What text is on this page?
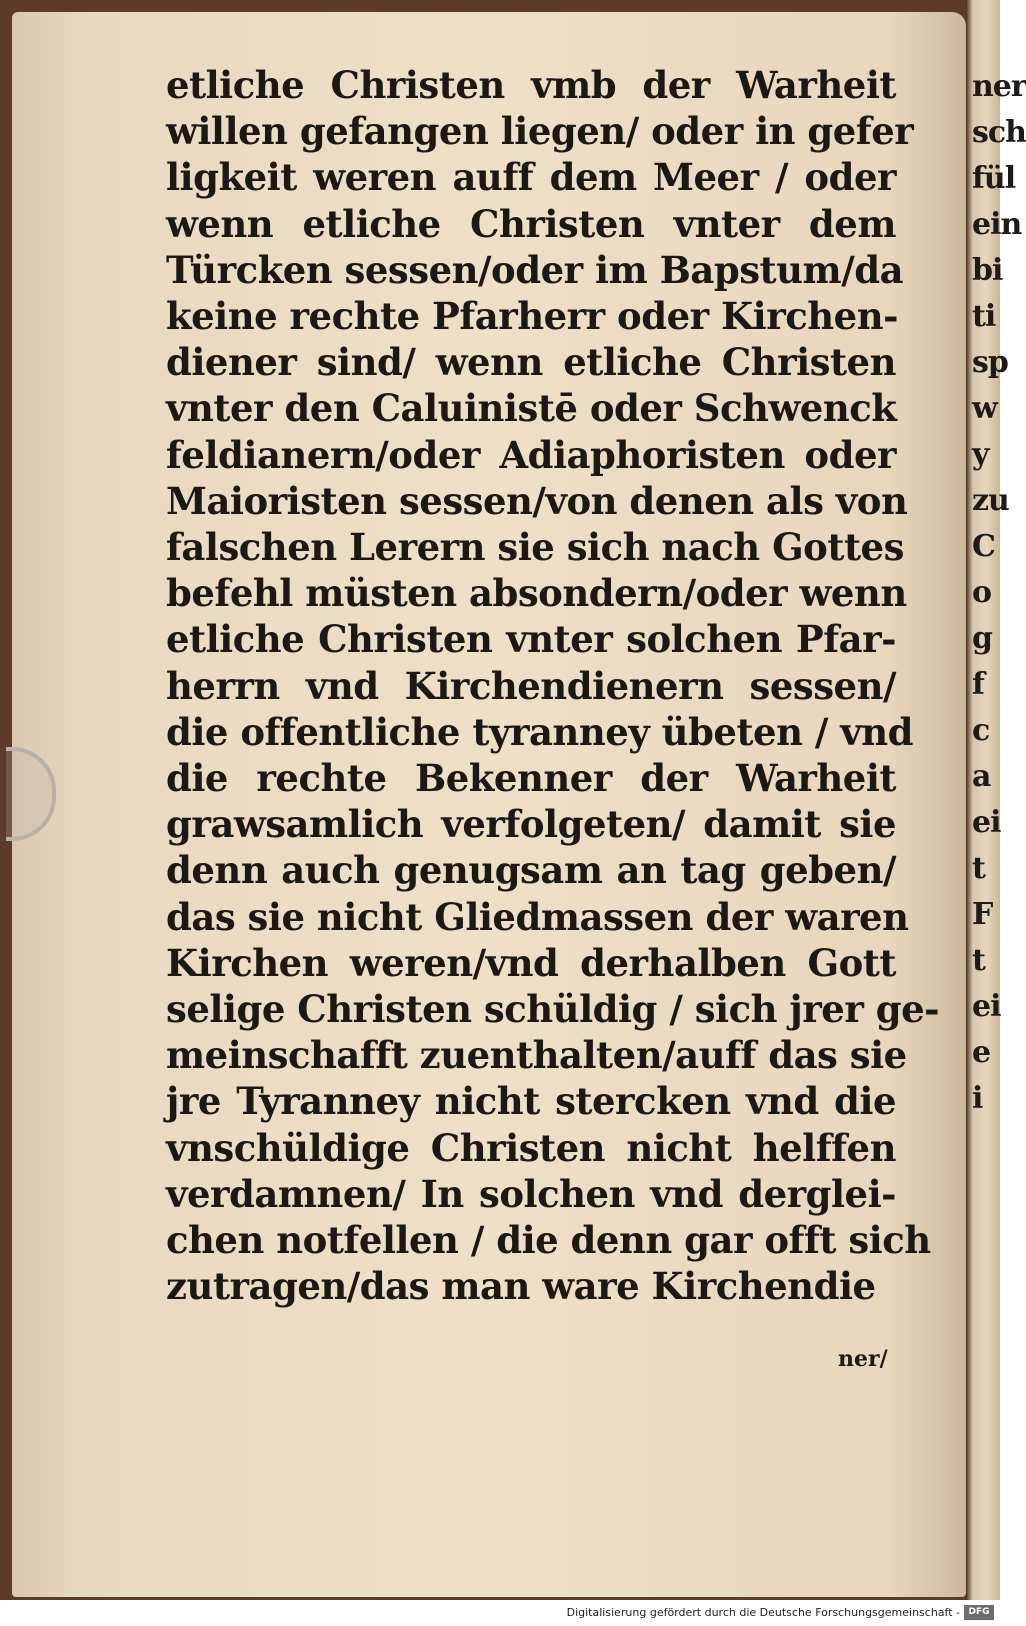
ner
sch
fül
ein
bi
ti
sp
w
y
zu
C
o
g
f
c
a
ei
t
F
t
ei
e
i
etliche Christen vmb der Warheit
willen gefangen liegen/ oder in gefer
ligkeit weren auff dem Meer / oder
wenn etliche Christen vnter dem
Türcken sessen/oder im Bapstum/da
keine rechte Pfarherr oder Kirchen-
diener sind/ wenn etliche Christen
vnter den Caluinistē oder Schwenck
feldianern/oder Adiaphoristen oder
Maioristen sessen/von denen als von
falschen Lerern sie sich nach Gottes
befehl müsten absondern/oder wenn
etliche Christen vnter solchen Pfar-
herrn vnd Kirchendienern sessen/
die offentliche tyranney übeten / vnd
die rechte Bekenner der Warheit
grawsamlich verfolgeten/ damit sie
denn auch genugsam an tag geben/
das sie nicht Gliedmassen der waren
Kirchen weren/vnd derhalben Gott
selige Christen schüldig / sich jrer ge-
meinschafft zuenthalten/auff das sie
jre Tyranney nicht stercken vnd die
vnschüldige Christen nicht helffen
verdamnen/ In solchen vnd derglei-
chen notfellen / die denn gar offt sich
zutragen/das man ware Kirchendie
ner/
Digitalisierung gefördert durch die Deutsche Forschungsgemeinschaft - DFG
